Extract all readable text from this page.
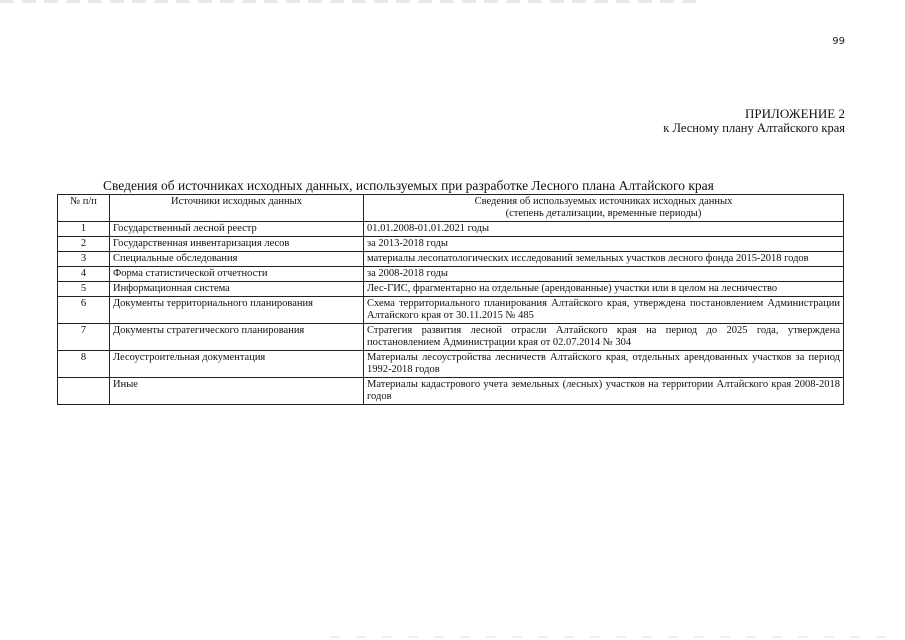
99
ПРИЛОЖЕНИЕ 2
к Лесному плану Алтайского края
Сведения об источниках исходных данных, используемых при разработке Лесного плана Алтайского края
№ п/п	Источники исходных данных	Сведения об используемых источниках исходных данных
(степень детализации, временные периоды)

1	Государственный лесной реестр	01.01.2008-01.01.2021 годы
2	Государственная инвентаризация лесов	за 2013-2018 годы
3	Специальные обследования	материалы лесопатологических исследований земельных участков лесного фонда 2015-2018 годов
4	Форма статистической отчетности	за 2008-2018 годы
5	Информационная система	Лес-ГИС, фрагментарно на отдельные (арендованные) участки или в целом на лесничество
6	Документы территориального планирования	Схема территориального планирования Алтайского края, утверждена постановлением Администрации Алтайского края от 30.11.2015 № 485
7	Документы стратегического планирования	Стратегия развития лесной отрасли Алтайского края на период до 2025 года, утверждена постановлением Администрации края от 02.07.2014 № 304
8	Лесоустроительная документация	Материалы лесоустройства лесничеств Алтайского края, отдельных арендованных участков за период 1992-2018 годов
	Иные	Материалы кадастрового учета земельных (лесных) участков на территории Алтайского края 2008-2018 годов
